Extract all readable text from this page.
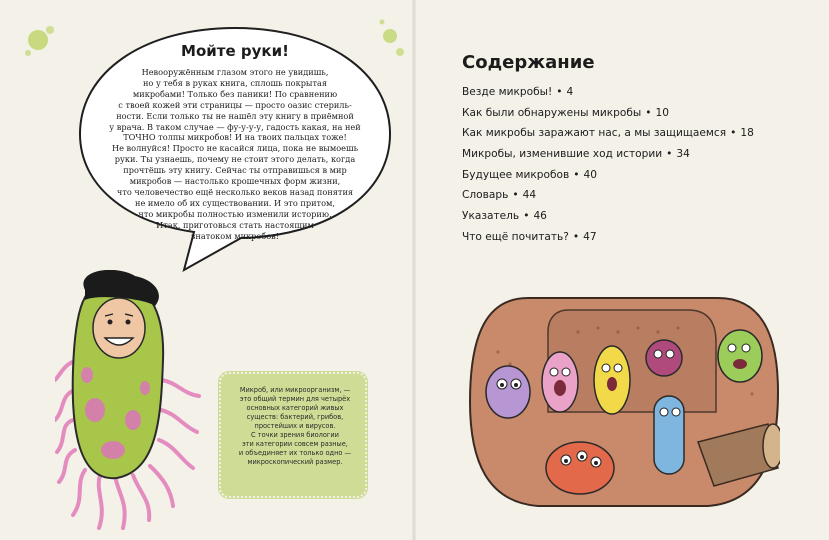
Мойте руки!
Невооружённым глазом этого не увидишь,
но у тебя в руках книга, сплошь покрытая
микробами! Только без паники! По сравнению
с твоей кожей эти страницы — просто оазис стериль-
ности. Если только ты не нашёл эту книгу в приёмной
у врача. В таком случае — фу-у-у-у, гадость какая, на ней
ТОЧНО толпы микробов! И на твоих пальцах тоже!
Не волнуйся! Просто не касайся лица, пока не вымоешь
руки. Ты узнаешь, почему не стоит этого делать, когда
прочтёшь эту книгу. Сейчас ты отправишься в мир
микробов — настолько крошечных форм жизни,
что человечество ещё несколько веков назад понятия
не имело об их существовании. И это притом,
что микробы полностью изменили историю.
Итак, приготовься стать настоящим
знатоком микробов!
Микроб, или микроорганизм, —
это общий термин для четырёх
основных категорий живых
существ: бактерий, грибов,
простейших и вирусов.
С точки зрения биологии
эти категории совсем разные,
и объединяет их только одно —
микроскопический размер.
Содержание
Везде микробы! • 4
Как были обнаружены микробы • 10
Как микробы заражают нас, а мы защищаемся • 18
Микробы, изменившие ход истории • 34
Будущее микробов • 40
Словарь • 44
Указатель • 46
Что ещё почитать? • 47
